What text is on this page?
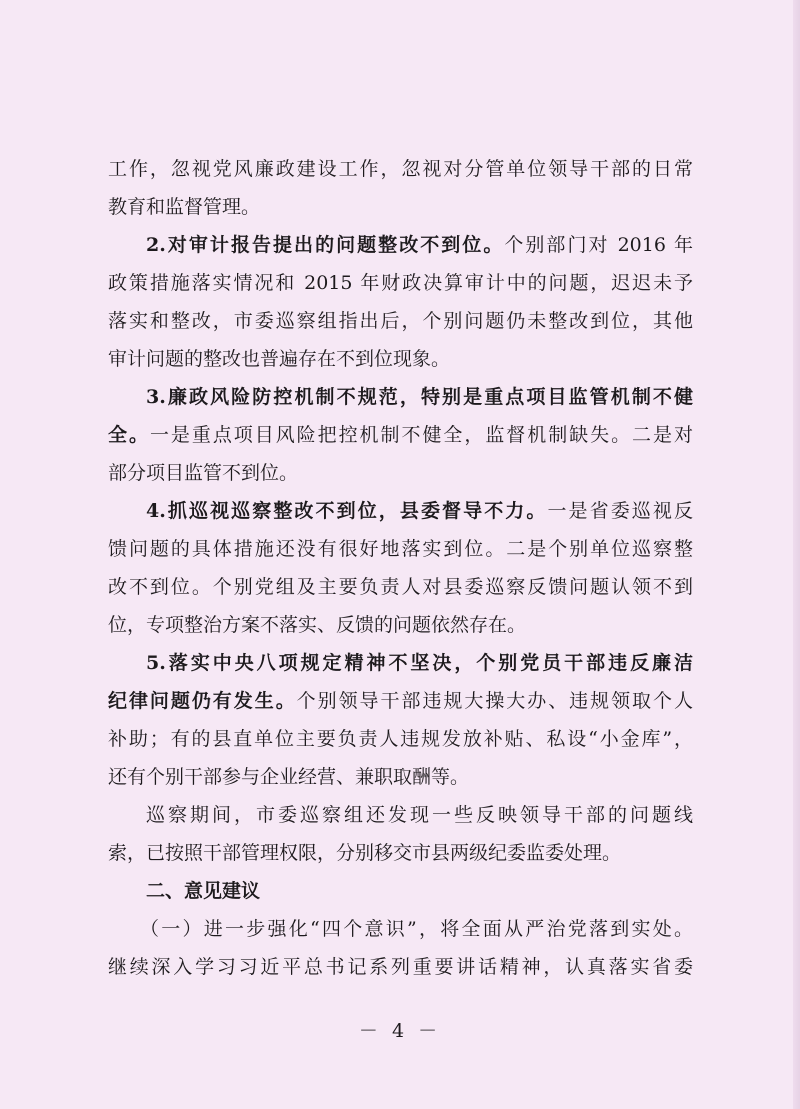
工作，忽视党风廉政建设工作，忽视对分管单位领导干部的日常
教育和监督管理。
2.对审计报告提出的问题整改不到位。个别部门对 2016 年
政策措施落实情况和 2015 年财政决算审计中的问题，迟迟未予
落实和整改，市委巡察组指出后，个别问题仍未整改到位，其他
审计问题的整改也普遍存在不到位现象。
3.廉政风险防控机制不规范，特别是重点项目监管机制不健
全。一是重点项目风险把控机制不健全，监督机制缺失。二是对
部分项目监管不到位。
4.抓巡视巡察整改不到位，县委督导不力。一是省委巡视反
馈问题的具体措施还没有很好地落实到位。二是个别单位巡察整
改不到位。个别党组及主要负责人对县委巡察反馈问题认领不到
位，专项整治方案不落实、反馈的问题依然存在。
5.落实中央八项规定精神不坚决，个别党员干部违反廉洁
纪律问题仍有发生。个别领导干部违规大操大办、违规领取个人
补助；有的县直单位主要负责人违规发放补贴、私设“小金库”，
还有个别干部参与企业经营、兼职取酬等。
巡察期间，市委巡察组还发现一些反映领导干部的问题线
索，已按照干部管理权限，分别移交市县两级纪委监委处理。
二、意见建议
（一）进一步强化“四个意识”，将全面从严治党落到实处。
继续深入学习习近平总书记系列重要讲话精神，认真落实省委
－ 4 －
